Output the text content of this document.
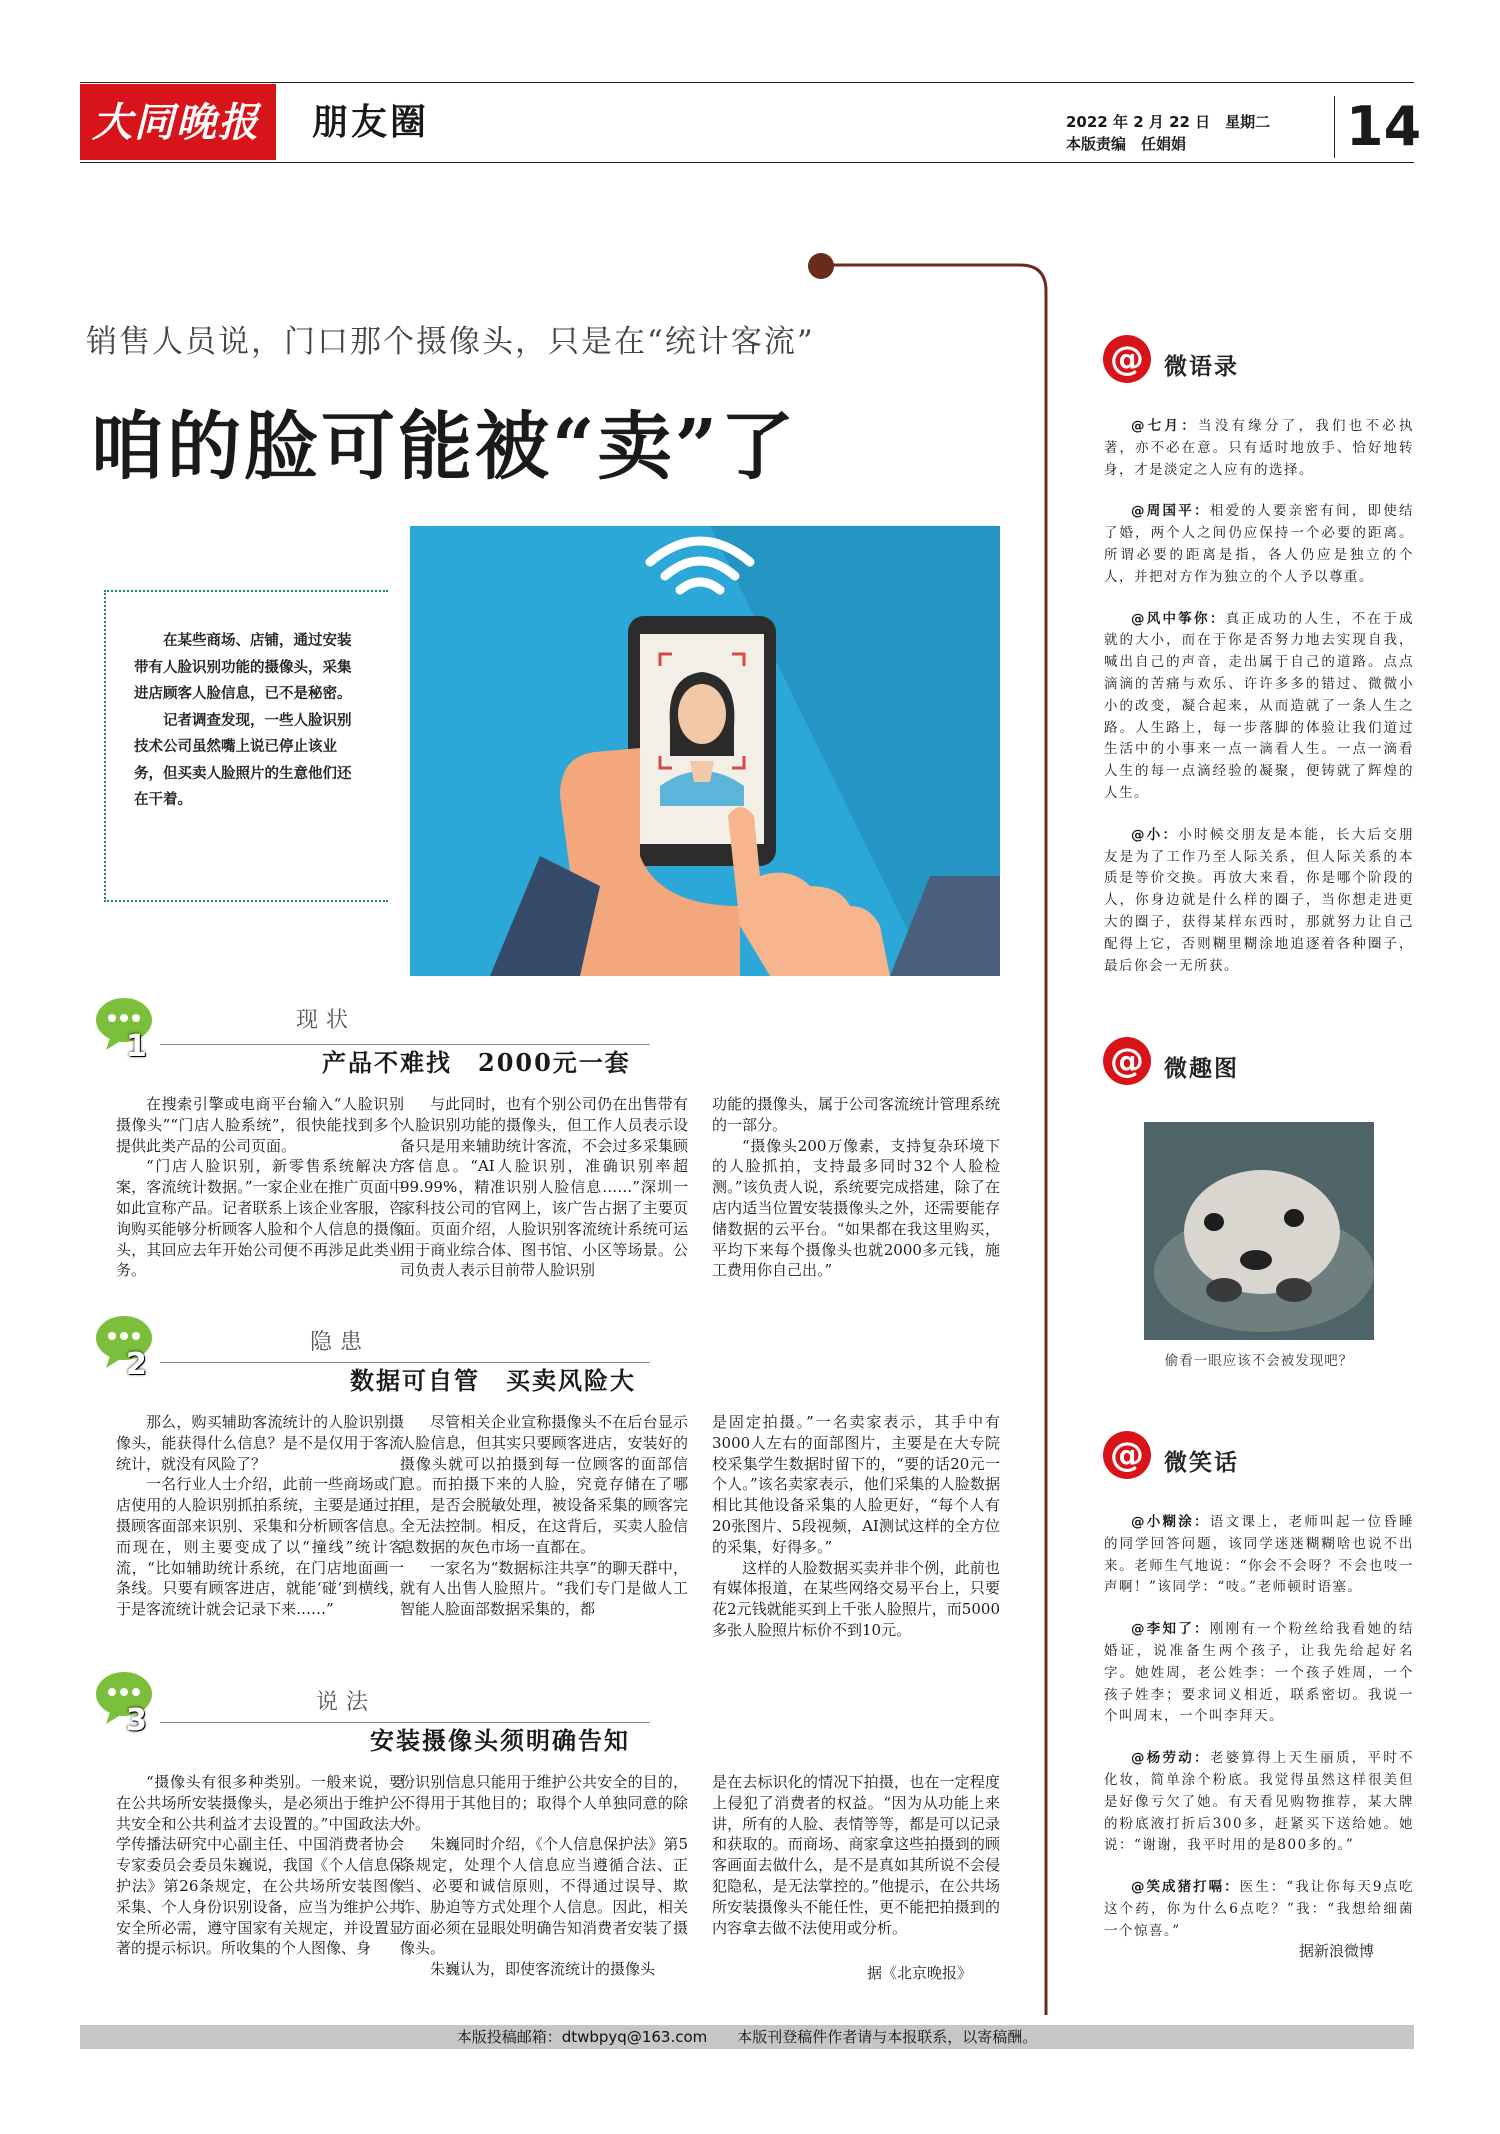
大同晚报	朋友圈	2022 年 2 月 22 日　星期二
本版责编　任娟娟	14
销售人员说，门口那个摄像头，只是在“统计客流”
咱的脸可能被“卖”了

在某些商场、店铺，通过安装带有人脸识别功能的摄像头，采集进店顾客人脸信息，已不是秘密。

记者调查发现，一些人脸识别技术公司虽然嘴上说已停止该业务，但买卖人脸照片的生意他们还在干着。

1
现状
产品不难找　2000元一套

在搜索引擎或电商平台输入“人脸识别摄像头”“门店人脸系统”，很快能找到多个提供此类产品的公司页面。

“门店人脸识别，新零售系统解决方案，客流统计数据。”一家企业在推广页面中如此宣称产品。记者联系上该企业客服，咨询购买能够分析顾客人脸和个人信息的摄像头，其回应去年开始公司便不再涉足此类业务。

与此同时，也有个别公司仍在出售带有人脸识别功能的摄像头，但工作人员表示设备只是用来辅助统计客流，不会过多采集顾客信息。“AI人脸识别，准确识别率超99.99%，精准识别人脸信息……”深圳一家科技公司的官网上，该广告占据了主要页面。页面介绍，人脸识别客流统计系统可运用于商业综合体、图书馆、小区等场景。公司负责人表示目前带人脸识别

功能的摄像头，属于公司客流统计管理系统的一部分。

“摄像头200万像素，支持复杂环境下的人脸抓拍，支持最多同时32个人脸检测。”该负责人说，系统要完成搭建，除了在店内适当位置安装摄像头之外，还需要能存储数据的云平台。“如果都在我这里购买，平均下来每个摄像头也就2000多元钱，施工费用你自己出。”

2
隐患
数据可自管　买卖风险大

那么，购买辅助客流统计的人脸识别摄像头，能获得什么信息？是不是仅用于客流统计，就没有风险了？

一名行业人士介绍，此前一些商场或门店使用的人脸识别抓拍系统，主要是通过拍摄顾客面部来识别、采集和分析顾客信息。而现在，则主要变成了以“撞线”统计客流，“比如辅助统计系统，在门店地面画一条线。只要有顾客进店，就能‘碰’到横线，于是客流统计就会记录下来……”

尽管相关企业宣称摄像头不在后台显示人脸信息，但其实只要顾客进店，安装好的摄像头就可以拍摄到每一位顾客的面部信息。而拍摄下来的人脸，究竟存储在了哪里，是否会脱敏处理，被设备采集的顾客完全无法控制。相反，在这背后，买卖人脸信息数据的灰色市场一直都在。

一家名为“数据标注共享”的聊天群中，就有人出售人脸照片。“我们专门是做人工智能人脸面部数据采集的，都

是固定拍摄。”一名卖家表示，其手中有3000人左右的面部图片，主要是在大专院校采集学生数据时留下的，“要的话20元一个人。”该名卖家表示，他们采集的人脸数据相比其他设备采集的人脸更好，“每个人有20张图片、5段视频，AI测试这样的全方位的采集，好得多。”

这样的人脸数据买卖并非个例，此前也有媒体报道，在某些网络交易平台上，只要花2元钱就能买到上千张人脸照片，而5000多张人脸照片标价不到10元。

3
说法
安装摄像头须明确告知

“摄像头有很多种类别。一般来说，要在公共场所安装摄像头，是必须出于维护公共安全和公共利益才去设置的。”中国政法大学传播法研究中心副主任、中国消费者协会专家委员会委员朱巍说，我国《个人信息保护法》第26条规定，在公共场所安装图像采集、个人身份识别设备，应当为维护公共安全所必需，遵守国家有关规定，并设置显著的提示标识。所收集的个人图像、身

份识别信息只能用于维护公共安全的目的，不得用于其他目的；取得个人单独同意的除外。

朱巍同时介绍，《个人信息保护法》第5条规定，处理个人信息应当遵循合法、正当、必要和诚信原则，不得通过误导、欺诈、胁迫等方式处理个人信息。因此，相关方面必须在显眼处明确告知消费者安装了摄像头。

朱巍认为，即使客流统计的摄像头

是在去标识化的情况下拍摄，也在一定程度上侵犯了消费者的权益。“因为从功能上来讲，所有的人脸、表情等等，都是可以记录和获取的。而商场、商家拿这些拍摄到的顾客画面去做什么，是不是真如其所说不会侵犯隐私，是无法掌控的。”他提示，在公共场所安装摄像头不能任性，更不能把拍摄到的内容拿去做不法使用或分析。

据《北京晚报》
@ 微语录

@七月：当没有缘分了，我们也不必执著，亦不必在意。只有适时地放手、恰好地转身，才是淡定之人应有的选择。

@周国平：相爱的人要亲密有间，即使结了婚，两个人之间仍应保持一个必要的距离。所谓必要的距离是指，各人仍应是独立的个人，并把对方作为独立的个人予以尊重。

@风中筝你：真正成功的人生，不在于成就的大小，而在于你是否努力地去实现自我，喊出自己的声音，走出属于自己的道路。点点滴滴的苦痛与欢乐、许许多多的错过、微微小小的改变，凝合起来，从而造就了一条人生之路。人生路上，每一步落脚的体验让我们道过生活中的小事来一点一滴看人生。一点一滴看人生的每一点滴经验的凝聚，便铸就了辉煌的人生。

@小：小时候交朋友是本能，长大后交朋友是为了工作乃至人际关系，但人际关系的本质是等价交换。再放大来看，你是哪个阶段的人，你身边就是什么样的圈子，当你想走进更大的圈子，获得某样东西时，那就努力让自己配得上它，否则糊里糊涂地追逐着各种圈子，最后你会一无所获。

@ 微趣图
偷看一眼应该不会被发现吧？
@ 微笑话

@小糊涂：语文课上，老师叫起一位昏睡的同学回答问题，该同学迷迷糊糊啥也说不出来。老师生气地说：“你会不会呀？不会也吱一声啊！”该同学：“吱。”老师顿时语塞。

@李知了：刚刚有一个粉丝给我看她的结婚证，说准备生两个孩子，让我先给起好名字。她姓周，老公姓李：一个孩子姓周，一个孩子姓李；要求词义相近，联系密切。我说一个叫周末，一个叫李拜天。

@杨劳动：老婆算得上天生丽质，平时不化妆，简单涂个粉底。我觉得虽然这样很美但是好像亏欠了她。有天看见购物推荐，某大牌的粉底液打折后300多，赶紧买下送给她。她说：“谢谢，我平时用的是800多的。”

@笑成猪打嗝：医生：“我让你每天9点吃这个药，你为什么6点吃？”我：“我想给细菌一个惊喜。”

据新浪微博
本版投稿邮箱：dtwbpyq@163.com　　本版刊登稿件作者请与本报联系，以寄稿酬。
